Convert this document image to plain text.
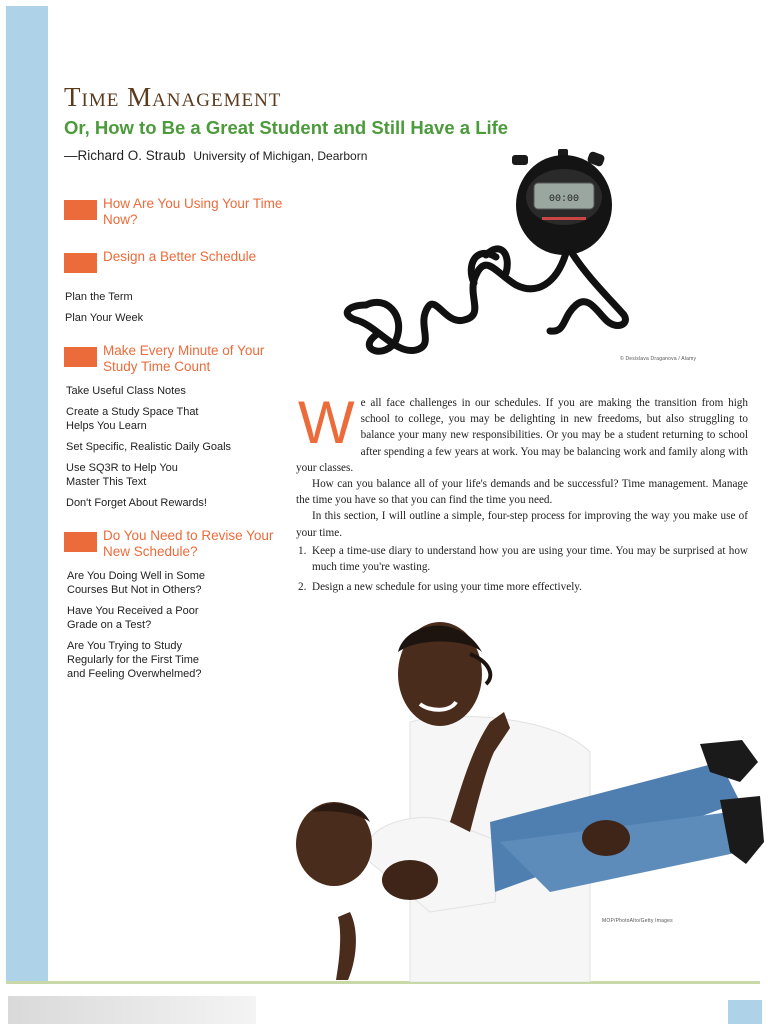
Time Management
Or, How to Be a Great Student and Still Have a Life
—Richard O. Straub University of Michigan, Dearborn
How Are You Using Your Time Now?
Design a Better Schedule

Plan the Term

Plan Your Week

Make Every Minute of Your Study Time Count

Take Useful Class Notes

Create a Study Space That Helps You Learn

Set Specific, Realistic Daily Goals

Use SQ3R to Help You Master This Text

Don't Forget About Rewards!

Do You Need to Revise Your New Schedule?

Are You Doing Well in Some Courses But Not in Others?

Have You Received a Poor Grade on a Test?

Are You Trying to Study Regularly for the First Time and Feeling Overwhelmed?

00:00
© Desislava Draganova / Alamy
W e all face challenges in our schedules. If you are making the transition from high school to college, you may be delighting in new freedoms, but also struggling to balance your many new responsibilities. Or you may be a student returning to school after spending a few years at work. You may be balancing work and family along with your classes.

How can you balance all of your life's demands and be successful? Time management. Manage the time you have so that you can find the time you need.

In this section, I will outline a simple, four-step process for improving the way you make use of your time.

1. Keep a time-use diary to understand how you are using your time. You may be surprised at how much time you're wasting.
2. Design a new schedule for using your time more effectively.
MOP/PhotoAlto/Getty Images
